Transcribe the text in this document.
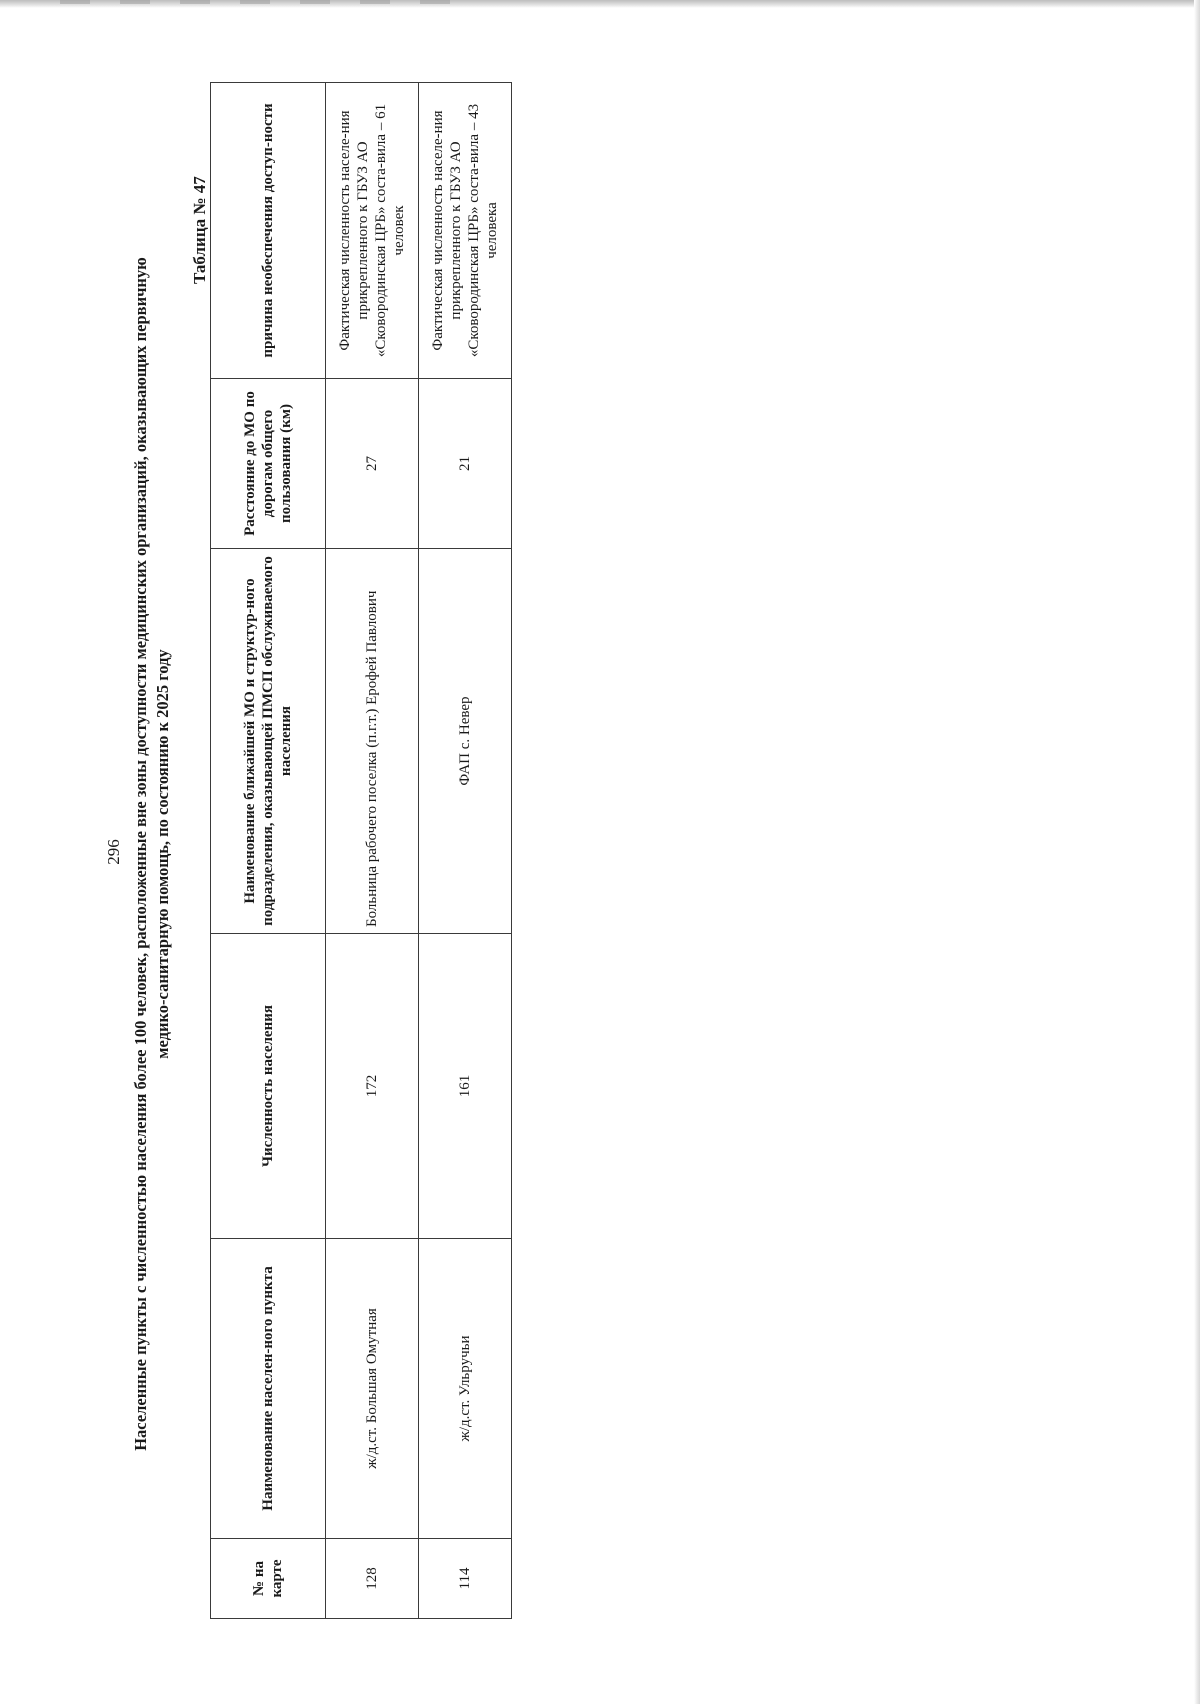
296 Населенные пункты с численностью населения более 100 человек, расположенные вне зоны доступности медицинских организаций, оказывающих первичную медико-санитарную помощь, по состоянию к 2025 году
Таблица № 47
№ на карте	Наименование населен-ного пункта	Численность населения	Наименование ближайшей МО и структур-ного подразделения, оказывающей ПМСП обслуживаемого населения	Расстояние до МО по дорогам общего пользования (км)	причина необеспечения доступ-ности
128	ж/д.ст. Большая Омутная	172	Больница рабочего поселка (п.г.т.) Ерофей Павлович	27	Фактическая численность населе-ния прикрепленного к ГБУЗ АО «Сковородинская ЦРБ» соста-вила – 61 человек
114	ж/д.ст. Ульручьи	161	ФАП с. Невер	21	Фактическая численность населе-ния прикрепленного к ГБУЗ АО «Сковородинская ЦРБ» соста-вила – 43 человека
